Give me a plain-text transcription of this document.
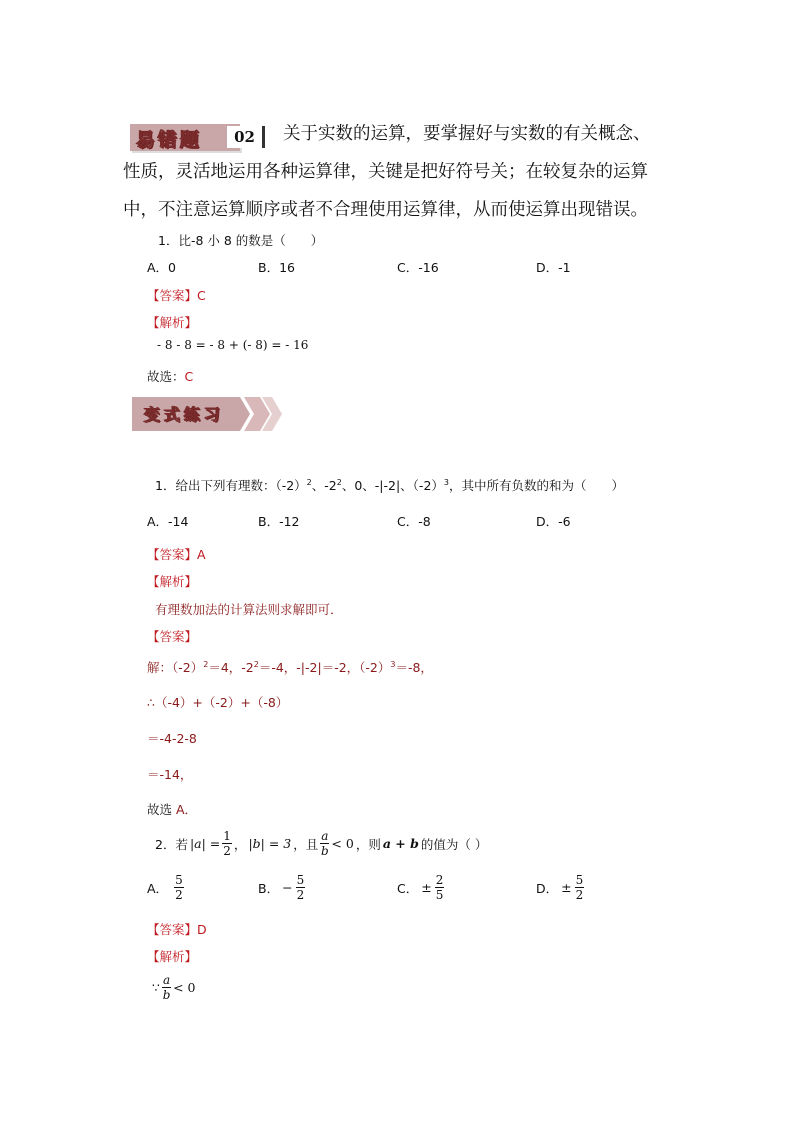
易错题	02	关于实数的运算，要掌握好与实数的有关概念、
性质，灵活地运用各种运算律，关键是把好符号关；在较复杂的运算
中，不注意运算顺序或者不合理使用运算律，从而使运算出现错误。
1．比-8 小 8 的数是（　　）
A．0	B．16	C．-16	D．-1
【答案】C
【解析】
- 8 - 8 = - 8 + (- 8) = - 16
故选：C
变式练习
1．给出下列有理数：$(-2)^2$、$-2^2$、0、-|-2|、$(-2)^3$，其中所有负数的和为（　　）
A．-14	B．-12	C．-8	D．-6
【答案】A
【解析】
有理数加法的计算法则求解即可．
【答案】
解：$(-2)^2=4$，$-2^2=-4$，-|-2|＝-2，$(-2)^3=-8$，
∴（-4）+（-2）+（-8）
＝-4-2-8
＝-14，
故选 A．
2．若 $|a| = \frac{1}{2}$ ， |b| = 3 ，且 $\frac{a}{b} < 0$ ，则 a + b 的值为（ ）
A． $\frac{5}{2}$	B． − $\frac{5}{2}$	C． ± $\frac{2}{5}$	D． ± $\frac{5}{2}$
【答案】D
【解析】
∵ $\frac{a}{b} < 0$
